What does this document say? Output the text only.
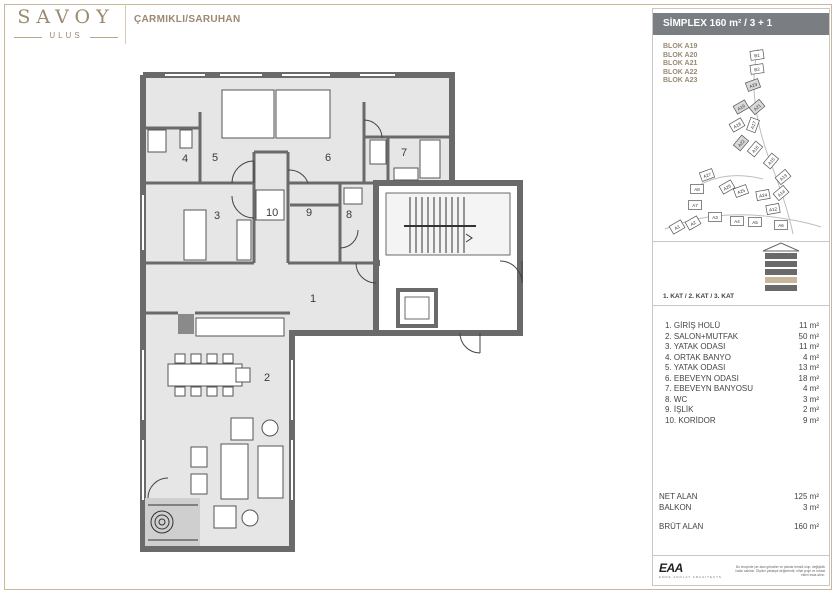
SAVOY
ULUS
ÇARMIKLI/SARUHAN
1
2
3
4 5	6	7
8
9
10
SİMPLEX 160 m² / 3 + 1
BLOK A19
BLOK A20
BLOK A21
BLOK A22
BLOK A23
B1
B2
A23
A19 A21
A18 A17
A22
A16
A15
A13
A27
A8	A26 A25
A24 A14
A7
A12
A3
A4	A5
A6
A2
A1
1. KAT / 2. KAT / 3. KAT
1. GİRİŞ HOLÜ	11 m²
2. SALON+MUTFAK	50 m²
3. YATAK ODASI	11 m²
4. ORTAK BANYO	4 m²
5. YATAK ODASI	13 m²
6. EBEVEYN ODASI	18 m²
7. EBEVEYN BANYOSU	4 m²
8. WC	3 m²
9. İŞLİK	2 m²
10. KORİDOR	9 m²
NET ALAN	125 m²
BALKON	3 m²
BRÜT ALAN	160 m²
EAA
EMRE AROLAT ARCHITECTS
Bu broşürde yer alan görseller ve planlar temsili olup, değişiklik hakkı saklıdır. Ölçüler yaklaşık değerlerdir; nihai proje ve ruhsat ekleri esas alınır.
